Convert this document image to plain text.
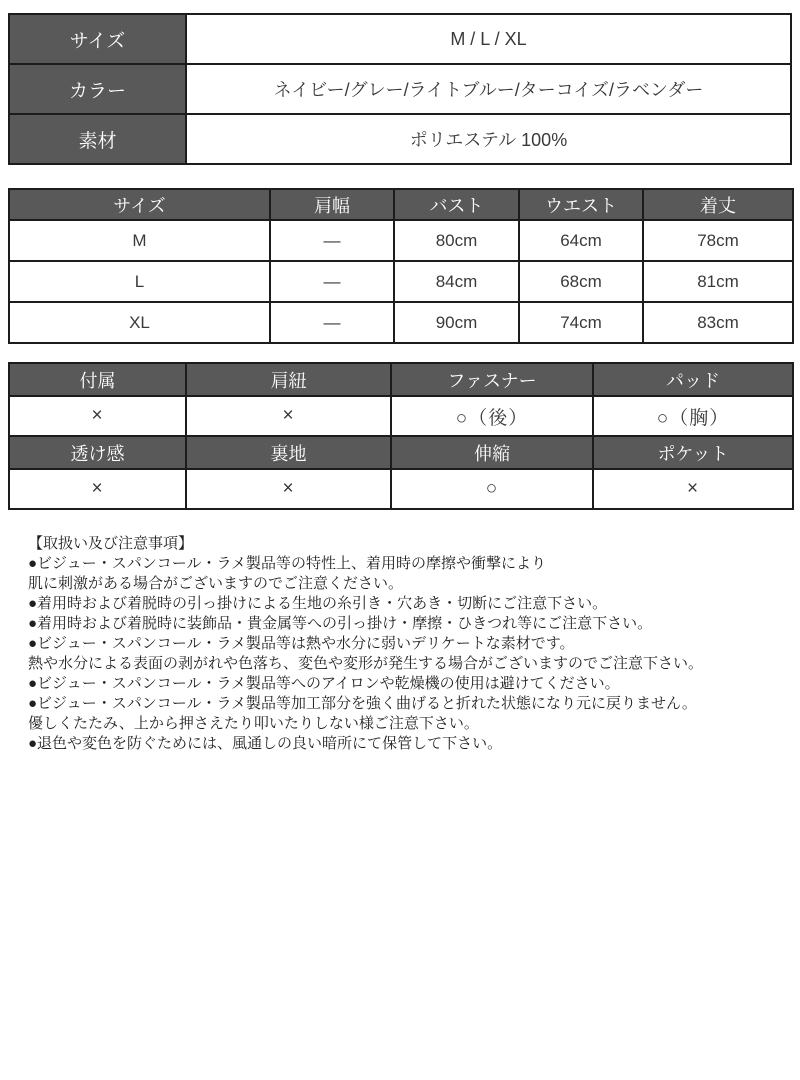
サイズ	M / L / XL
カラー	ネイビー/グレー/ライトブルー/ターコイズ/ラベンダー
素材	ポリエステル 100%
サイズ	肩幅	バスト	ウエスト	着丈
M	—	80cm	64cm	78cm
L	—	84cm	68cm	81cm
XL	—	90cm	74cm	83cm
付属	肩紐	ファスナー	パッド
×	×	○（後）	○（胸）
透け感	裏地	伸縮	ポケット
×	×	○	×
【取扱い及び注意事項】
●ビジュー・スパンコール・ラメ製品等の特性上、着用時の摩擦や衝撃により
肌に刺激がある場合がございますのでご注意ください。
●着用時および着脱時の引っ掛けによる生地の糸引き・穴あき・切断にご注意下さい。
●着用時および着脱時に装飾品・貴金属等への引っ掛け・摩擦・ひきつれ等にご注意下さい。
●ビジュー・スパンコール・ラメ製品等は熱や水分に弱いデリケートな素材です。
熱や水分による表面の剥がれや色落ち、変色や変形が発生する場合がございますのでご注意下さい。
●ビジュー・スパンコール・ラメ製品等へのアイロンや乾燥機の使用は避けてください。
●ビジュー・スパンコール・ラメ製品等加工部分を強く曲げると折れた状態になり元に戻りません。
優しくたたみ、上から押さえたり叩いたりしない様ご注意下さい。
●退色や変色を防ぐためには、風通しの良い暗所にて保管して下さい。
